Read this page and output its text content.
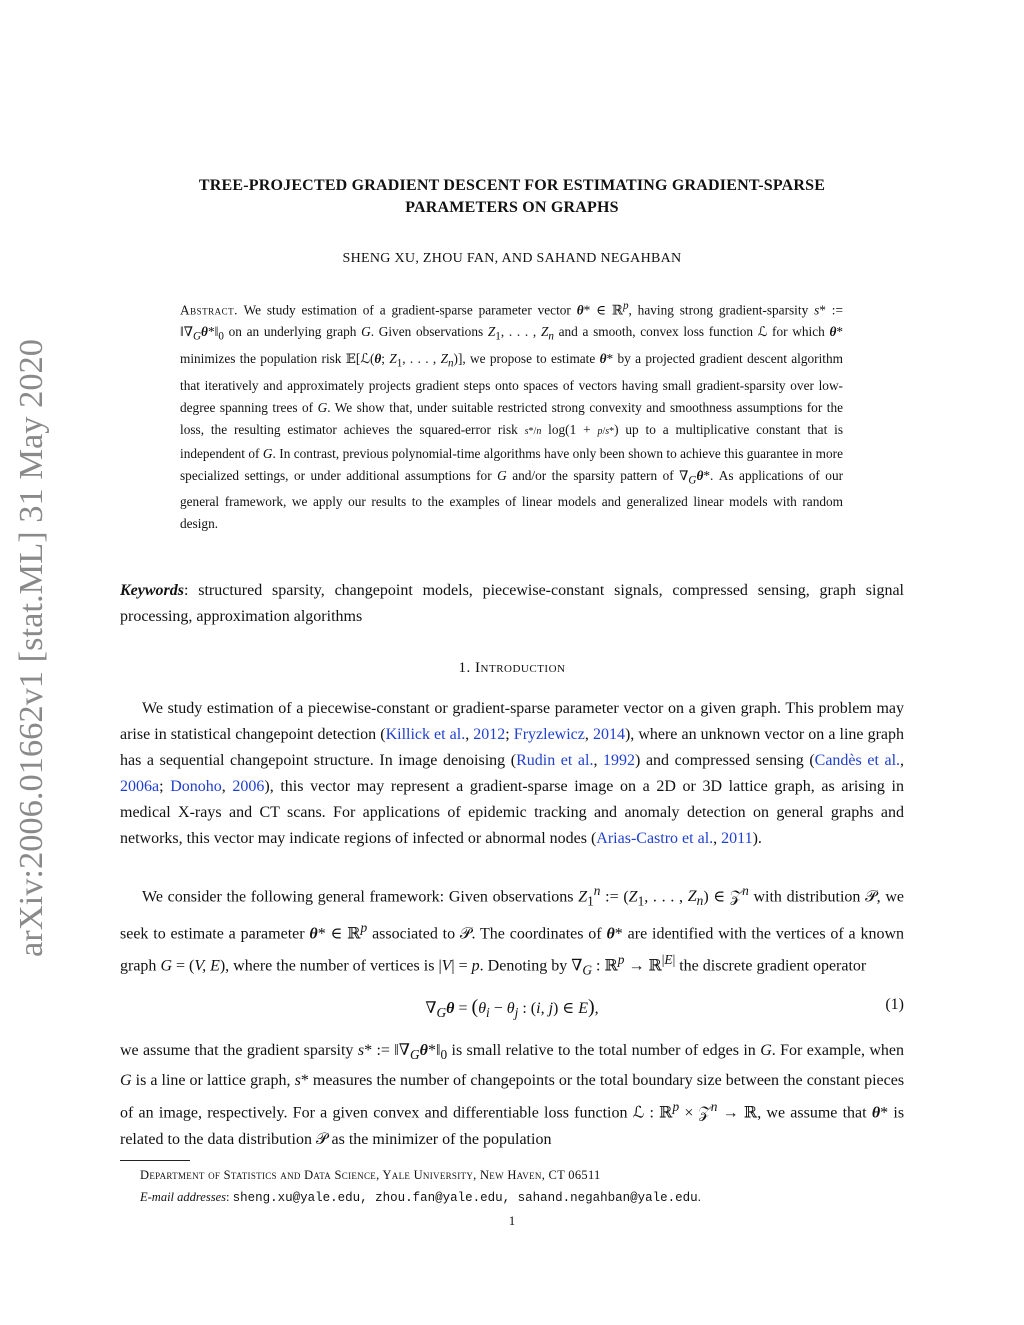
arXiv:2006.01662v1 [stat.ML] 31 May 2020
TREE-PROJECTED GRADIENT DESCENT FOR ESTIMATING GRADIENT-SPARSE
PARAMETERS ON GRAPHS
SHENG XU, ZHOU FAN, AND SAHAND NEGAHBAN
Abstract. We study estimation of a gradient-sparse parameter vector θ* ∈ ℝ$^p$, having strong gradient-sparsity s* := $‖\nabla_G\theta*‖_0$ on an underlying graph G. Given observations $Z_1$, . . . , $Z_n$ and a smooth, convex loss function ℒ for which θ* minimizes the population risk 𝔼[ℒ(θ; $Z_1$, . . . , $Z_n$)], we propose to estimate θ* by a projected gradient descent algorithm that iteratively and approximately projects gradient steps onto spaces of vectors having small gradient-sparsity over low-degree spanning trees of G. We show that, under suitable restricted strong convexity and smoothness assumptions for the loss, the resulting estimator achieves the squared-error risk s*/n log(1 + p/s*) up to a multiplicative constant that is independent of G. In contrast, previous polynomial-time algorithms have only been shown to achieve this guarantee in more specialized settings, or under additional assumptions for G and/or the sparsity pattern of $\nabla_G\theta*$. As applications of our general framework, we apply our results to the examples of linear models and generalized linear models with random design.
Keywords: structured sparsity, changepoint models, piecewise-constant signals, compressed sensing, graph signal processing, approximation algorithms
1. Introduction

We study estimation of a piecewise-constant or gradient-sparse parameter vector on a given graph. This problem may arise in statistical changepoint detection (Killick et al., 2012; Fryzlewicz, 2014), where an unknown vector on a line graph has a sequential changepoint structure. In image denoising (Rudin et al., 1992) and compressed sensing (Candès et al., 2006a; Donoho, 2006), this vector may represent a gradient-sparse image on a 2D or 3D lattice graph, as arising in medical X-rays and CT scans. For applications of epidemic tracking and anomaly detection on general graphs and networks, this vector may indicate regions of infected or abnormal nodes (Arias-Castro et al., 2011).

We consider the following general framework: Given observations $Z_1^n$ := ($Z_1$, . . . , $Z_n$) ∈ 𝒵$^n$ with distribution 𝒫, we seek to estimate a parameter θ* ∈ ℝ$^p$ associated to 𝒫. The coordinates of θ* are identified with the vertices of a known graph G = (V, E), where the number of vertices is |V| = p. Denoting by $\nabla_G$ : ℝ$^p$ → ℝ$^{|E|}$ the discrete gradient operator

$\nabla_G\theta = (\theta_i - \theta_j$ : (i, j) ∈ E),	(1)

we assume that the gradient sparsity s* := $‖\nabla_G\theta*‖_0$ is small relative to the total number of edges in G. For example, when G is a line or lattice graph, s* measures the number of changepoints or the total boundary size between the constant pieces of an image, respectively. For a given convex and differentiable loss function ℒ : ℝ$^p$ × 𝒵$^n$ → ℝ, we assume that θ* is related to the data distribution 𝒫 as the minimizer of the population

Department of Statistics and Data Science, Yale University, New Haven, CT 06511
E-mail addresses: sheng.xu@yale.edu, zhou.fan@yale.edu, sahand.negahban@yale.edu.
1
